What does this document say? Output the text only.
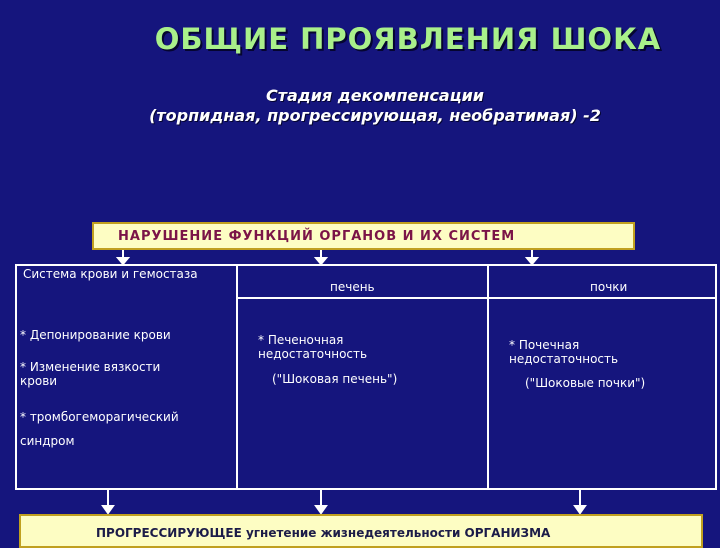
ОБЩИЕ ПРОЯВЛЕНИЯ ШОКА
Стадия декомпенсации
(торпидная, прогрессирующая, необратимая) -2
НАРУШЕНИЕ ФУНКЦИЙ ОРГАНОВ И ИХ СИСТЕМ
Система крови и гемостаза
печень	почки
* Депонирование крови
* Изменение вязкости крови
* тромбогеморагический синдром
* Печеночная недостаточность
("Шоковая печень")
* Почечная недостаточность
("Шоковые почки")
ПРОГРЕССИРУЮЩЕЕ угнетение жизнедеятельности ОРГАНИЗМА
